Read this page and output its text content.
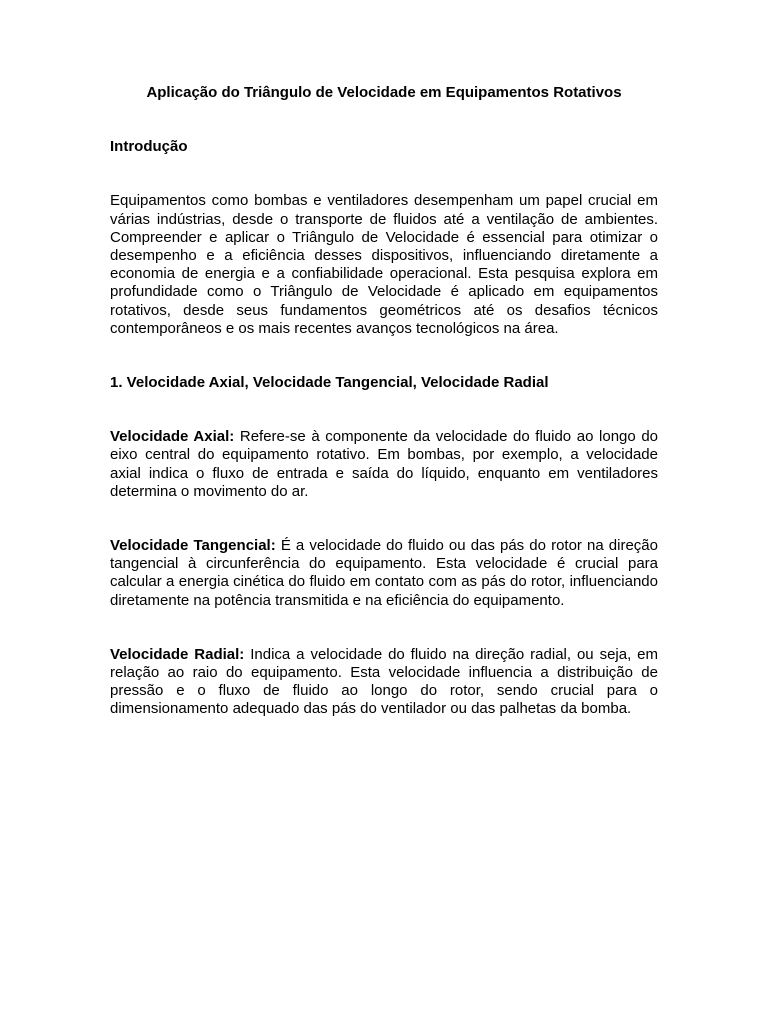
Aplicação do Triângulo de Velocidade em Equipamentos Rotativos
Introdução

Equipamentos como bombas e ventiladores desempenham um papel crucial em várias indústrias, desde o transporte de fluidos até a ventilação de ambientes. Compreender e aplicar o Triângulo de Velocidade é essencial para otimizar o desempenho e a eficiência desses dispositivos, influenciando diretamente a economia de energia e a confiabilidade operacional. Esta pesquisa explora em profundidade como o Triângulo de Velocidade é aplicado em equipamentos rotativos, desde seus fundamentos geométricos até os desafios técnicos contemporâneos e os mais recentes avanços tecnológicos na área.

1. Velocidade Axial, Velocidade Tangencial, Velocidade Radial

Velocidade Axial: Refere-se à componente da velocidade do fluido ao longo do eixo central do equipamento rotativo. Em bombas, por exemplo, a velocidade axial indica o fluxo de entrada e saída do líquido, enquanto em ventiladores determina o movimento do ar.

Velocidade Tangencial: É a velocidade do fluido ou das pás do rotor na direção tangencial à circunferência do equipamento. Esta velocidade é crucial para calcular a energia cinética do fluido em contato com as pás do rotor, influenciando diretamente na potência transmitida e na eficiência do equipamento.

Velocidade Radial: Indica a velocidade do fluido na direção radial, ou seja, em relação ao raio do equipamento. Esta velocidade influencia a distribuição de pressão e o fluxo de fluido ao longo do rotor, sendo crucial para o dimensionamento adequado das pás do ventilador ou das palhetas da bomba.
